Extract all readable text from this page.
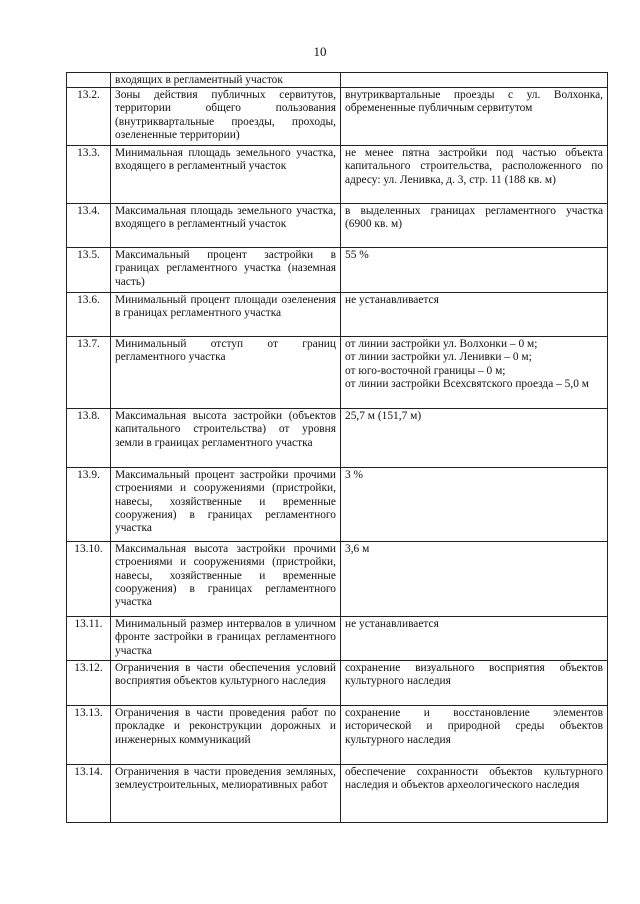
10
	входящих в регламентный участок	

13.2.	Зоны действия публичных сервитутов, территории общего пользования (внутриквартальные проезды, проходы, озелененные территории)	внутриквартальные проезды с ул. Волхонка, обремененные публичным сервитутом

13.3.	Минимальная площадь земельного участка, входящего в регламентный участок	не менее пятна застройки под частью объекта капитального строительства, расположенного по адресу: ул. Ленивка, д. 3, стр. 11 (188 кв. м)

13.4.	Максимальная площадь земельного участка, входящего в регламентный участок	в выделенных границах регламентного участка (6900 кв. м)

13.5.	Максимальный процент застройки в границах регламентного участка (наземная часть)	55 %

13.6.	Минимальный процент площади озеленения в границах регламентного участка	не устанавливается

13.7.	Минимальный отступ от границ регламентного участка	от линии застройки ул. Волхонки – 0 м;
от линии застройки ул. Ленивки – 0 м;
от юго-восточной границы – 0 м;
от линии застройки Всехсвятского проезда – 5,0 м

13.8.	Максимальная высота застройки (объектов капитального строительства) от уровня земли в границах регламентного участка	25,7 м (151,7 м)

13.9.	Максимальный процент застройки прочими строениями и сооружениями (пристройки, навесы, хозяйственные и временные сооружения) в границах регламентного участка	3 %

13.10.	Максимальная высота застройки прочими строениями и сооружениями (пристройки, навесы, хозяйственные и временные сооружения) в границах регламентного участка	3,6 м

13.11.	Минимальный размер интервалов в уличном фронте застройки в границах регламентного участка	не устанавливается

13.12.	Ограничения в части обеспечения условий восприятия объектов культурного наследия	сохранение визуального восприятия объектов культурного наследия

13.13.	Ограничения в части проведения работ по прокладке и реконструкции дорожных и инженерных коммуникаций	сохранение и восстановление элементов исторической и природной среды объектов культурного наследия

13.14.	Ограничения в части проведения земляных, землеустроительных, мелиоративных работ	обеспечение сохранности объектов культурного наследия и объектов археологического наследия
